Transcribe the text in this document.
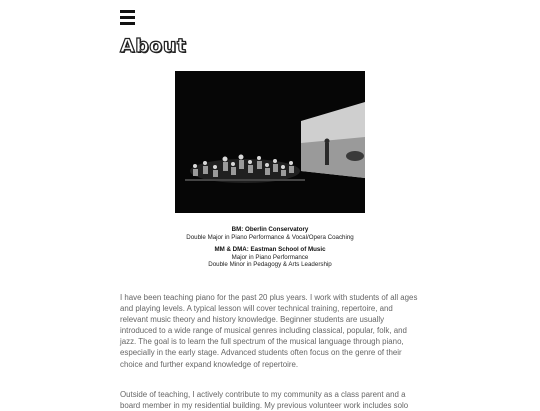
About
BM: Oberlin Conservatory
Double Major in Piano Performance & Vocal/Opera Coaching
MM & DMA: Eastman School of Music
Major in Piano Performance
Double Minor in Pedagogy & Arts Leadership

I have been teaching piano for the past 20 plus years. I work with students of all ages and playing levels. A typical lesson will cover technical training, repertoire, and relevant music theory and history knowledge. Beginner students are usually introduced to a wide range of musical genres including classical, popular, folk, and jazz. The goal is to learn the full spectrum of the musical language through piano, especially in the early stage. Advanced students often focus on the genre of their choice and further expand knowledge of repertoire.

Outside of teaching, I actively contribute to my community as a class parent and a board member in my residential building. My previous volunteer work includes solo
